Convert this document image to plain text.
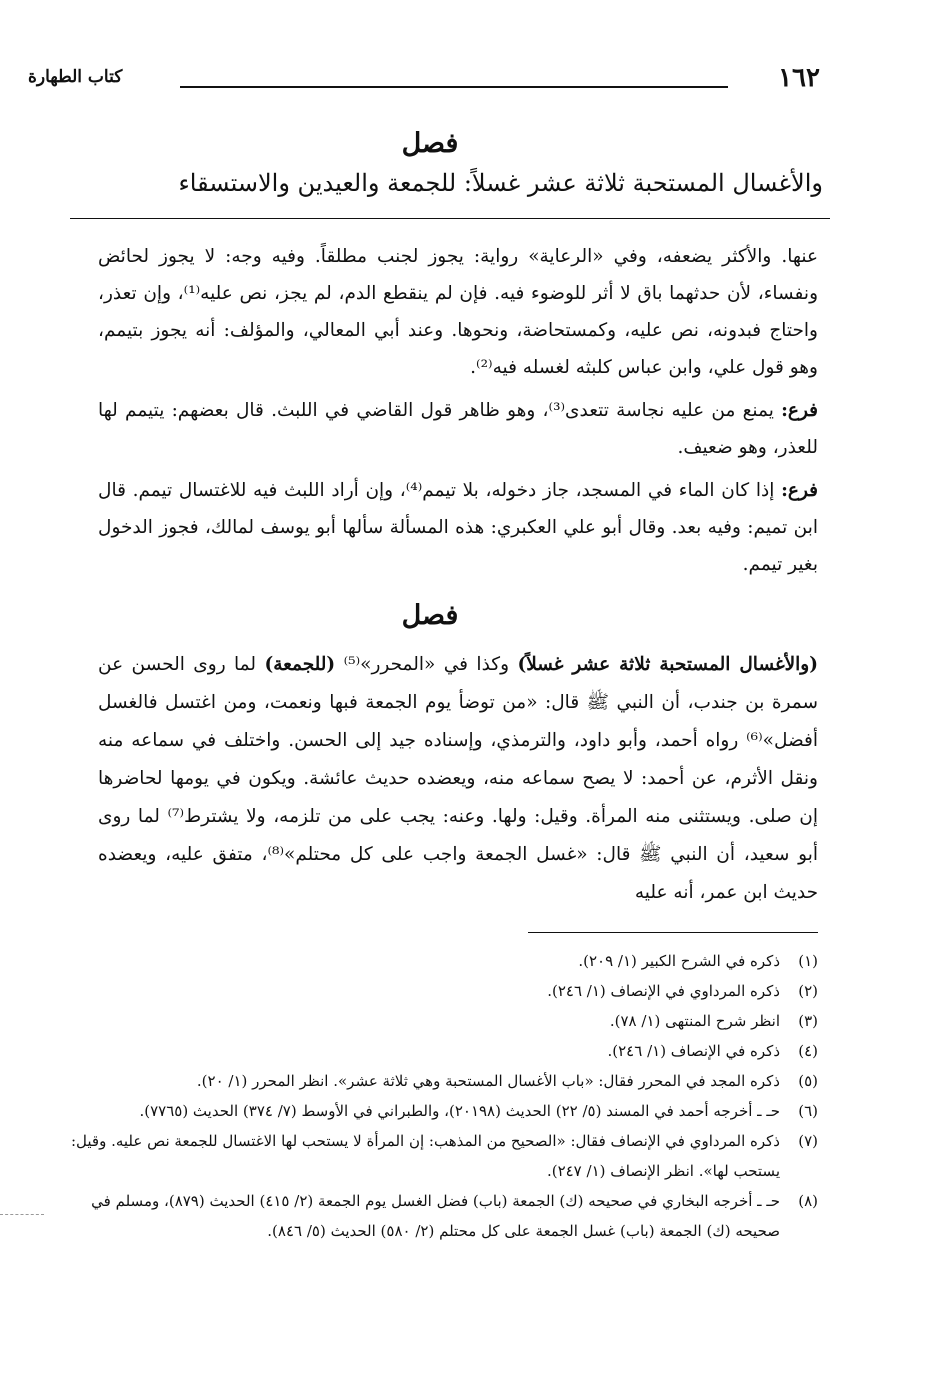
١٦٢
كتاب الطهارة
فصل
والأغسال المستحبة ثلاثة عشر غسلاً: للجمعة والعيدين والاستسقاء

عنها. والأكثر يضعفه، وفي «الرعاية» رواية: يجوز لجنب مطلقاً. وفيه وجه: لا يجوز لحائض ونفساء، لأن حدثهما باق لا أثر للوضوء فيه. فإن لم ينقطع الدم، لم يجز، نص عليه⁽¹⁾، وإن تعذر، واحتاج فبدونه، نص عليه، وكمستحاضة، ونحوها. وعند أبي المعالي، والمؤلف: أنه يجوز بتيمم، وهو قول علي، وابن عباس كلبثه لغسله فيه⁽²⁾.

فرع: يمنع من عليه نجاسة تتعدى⁽³⁾، وهو ظاهر قول القاضي في اللبث. قال بعضهم: يتيمم لها للعذر، وهو ضعيف.

فرع: إذا كان الماء في المسجد، جاز دخوله، بلا تيمم⁽⁴⁾، وإن أراد اللبث فيه للاغتسال تيمم. قال ابن تميم: وفيه بعد. وقال أبو علي العكبري: هذه المسألة سألها أبو يوسف لمالك، فجوز الدخول بغير تيمم.

فصل

(والأغسال المستحبة ثلاثة عشر غسلاً) وكذا في «المحرر»⁽⁵⁾ (للجمعة) لما روى الحسن عن سمرة بن جندب، أن النبي ﷺ قال: «من توضأ يوم الجمعة فبها ونعمت، ومن اغتسل فالغسل أفضل»⁽⁶⁾ رواه أحمد، وأبو داود، والترمذي، وإسناده جيد إلى الحسن. واختلف في سماعه منه ونقل الأثرم، عن أحمد: لا يصح سماعه منه، ويعضده حديث عائشة. ويكون في يومها لحاضرها إن صلى. ويستثنى منه المرأة. وقيل: ولها. وعنه: يجب على من تلزمه، ولا يشترط⁽⁷⁾ لما روى أبو سعيد، أن النبي ﷺ قال: «غسل الجمعة واجب على كل محتلم»⁽⁸⁾، متفق عليه، ويعضده حديث ابن عمر، أنه عليه

(١)
ذكره في الشرح الكبير (١/ ٢٠٩).
(٢)
ذكره المرداوي في الإنصاف (١/ ٢٤٦).
(٣)
انظر شرح المنتهى (١/ ٧٨).
(٤)
ذكره في الإنصاف (١/ ٢٤٦).
(٥)
ذكره المجد في المحرر فقال: «باب الأغسال المستحبة وهي ثلاثة عشر». انظر المحرر (١/ ٢٠).
(٦)
حـ ـ أخرجه أحمد في المسند (٥/ ٢٢) الحديث (٢٠١٩٨)، والطبراني في الأوسط (٧/ ٣٧٤) الحديث (٧٧٦٥).
(٧)
ذكره المرداوي في الإنصاف فقال: «الصحيح من المذهب: إن المرأة لا يستحب لها الاغتسال للجمعة نص عليه. وقيل: يستحب لها». انظر الإنصاف (١/ ٢٤٧).
(٨)
حـ ـ أخرجه البخاري في صحيحه (ك) الجمعة (باب) فضل الغسل يوم الجمعة (٢/ ٤١٥) الحديث (٨٧٩)، ومسلم في صحيحه (ك) الجمعة (باب) غسل الجمعة على كل محتلم (٢/ ٥٨٠) الحديث (٥/ ٨٤٦).
